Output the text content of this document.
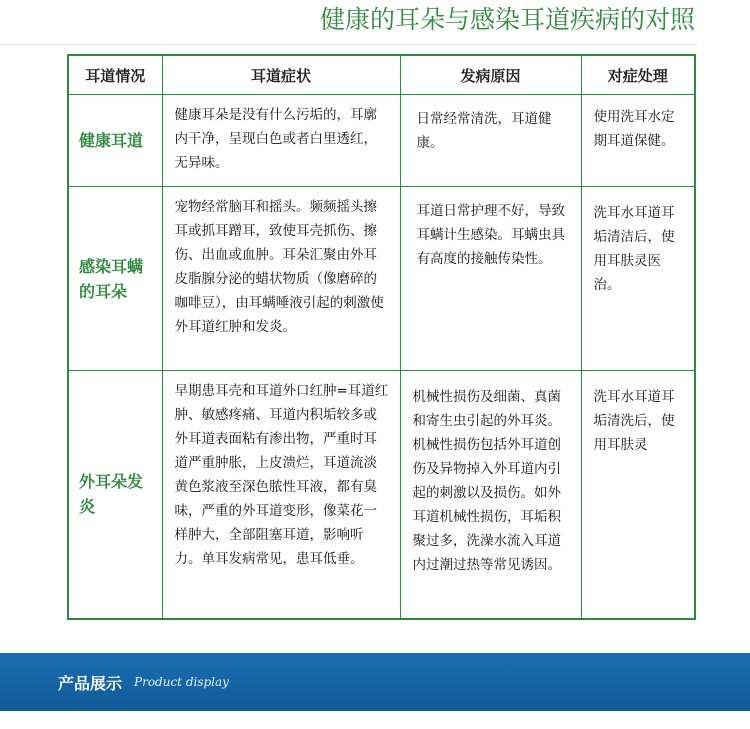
健康的耳朵与感染耳道疾病的对照
耳道情况	耳道症状	发病原因	对症处理
健康耳道	健康耳朵是没有什么污垢的，耳廓内干净，呈现白色或者白里透红，无异味。	日常经常清洗，耳道健康。	使用洗耳水定期耳道保健。
感染耳螨的耳朵	宠物经常脑耳和摇头。频频摇头擦耳或抓耳蹭耳，致使耳壳抓伤、擦伤、出血或血肿。耳朵汇聚由外耳皮脂腺分泌的蜡状物质（像磨碎的咖啡豆），由耳螨唾液引起的刺激使外耳道红肿和发炎。	耳道日常护理不好，导致耳螨计生感染。耳螨虫具有高度的接触传染性。	洗耳水耳道耳垢清洁后，使用耳肤灵医治。
外耳朵发炎	早期患耳壳和耳道外口红肿=耳道红肿、敏感疼痛、耳道内积垢较多或外耳道表面粘有渗出物，严重时耳道严重肿胀，上皮溃烂，耳道流淡黄色浆液至深色脓性耳液，都有臭味，严重的外耳道变形，像菜花一样肿大，全部阻塞耳道，影响听力。单耳发病常见，患耳低垂。	机械性损伤及细菌、真菌和寄生虫引起的外耳炎。机械性损伤包括外耳道创伤及异物掉入外耳道内引起的刺激以及损伤。如外耳道机械性损伤，耳垢积聚过多，洗澡水流入耳道内过潮过热等常见诱因。	洗耳水耳道耳垢清洗后，使用耳肤灵
产品展示 Product display
